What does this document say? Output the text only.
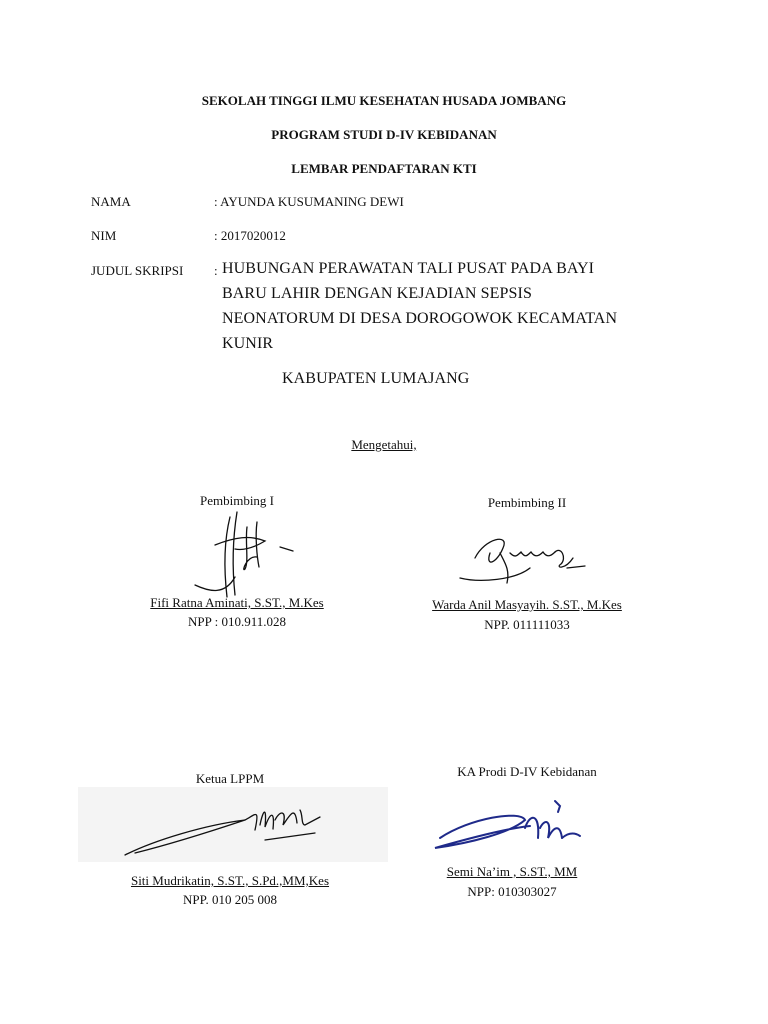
SEKOLAH TINGGI ILMU KESEHATAN HUSADA JOMBANG
PROGRAM STUDI D-IV KEBIDANAN
LEMBAR PENDAFTARAN KTI
NAMA	: AYUNDA KUSUMANING DEWI
NIM	: 2017020012
JUDUL SKRIPSI : HUBUNGAN PERAWATAN TALI PUSAT PADA BAYI
BARU LAHIR DENGAN KEJADIAN SEPSIS
NEONATORUM DI DESA DOROGOWOK KECAMATAN
KUNIR
KABUPATEN LUMAJANG
Mengetahui,
Pembimbing I
Fifi Ratna Aminati, S.ST., M.Kes
NPP : 010.911.028
Pembimbing II
Warda Anil Masyayih. S.ST., M.Kes
NPP. 011111033
Ketua LPPM
Siti Mudrikatin, S.ST., S.Pd.,MM,Kes
NPP. 010 205 008
KA Prodi D-IV Kebidanan
Semi Na’im , S.ST., MM
NPP: 010303027
